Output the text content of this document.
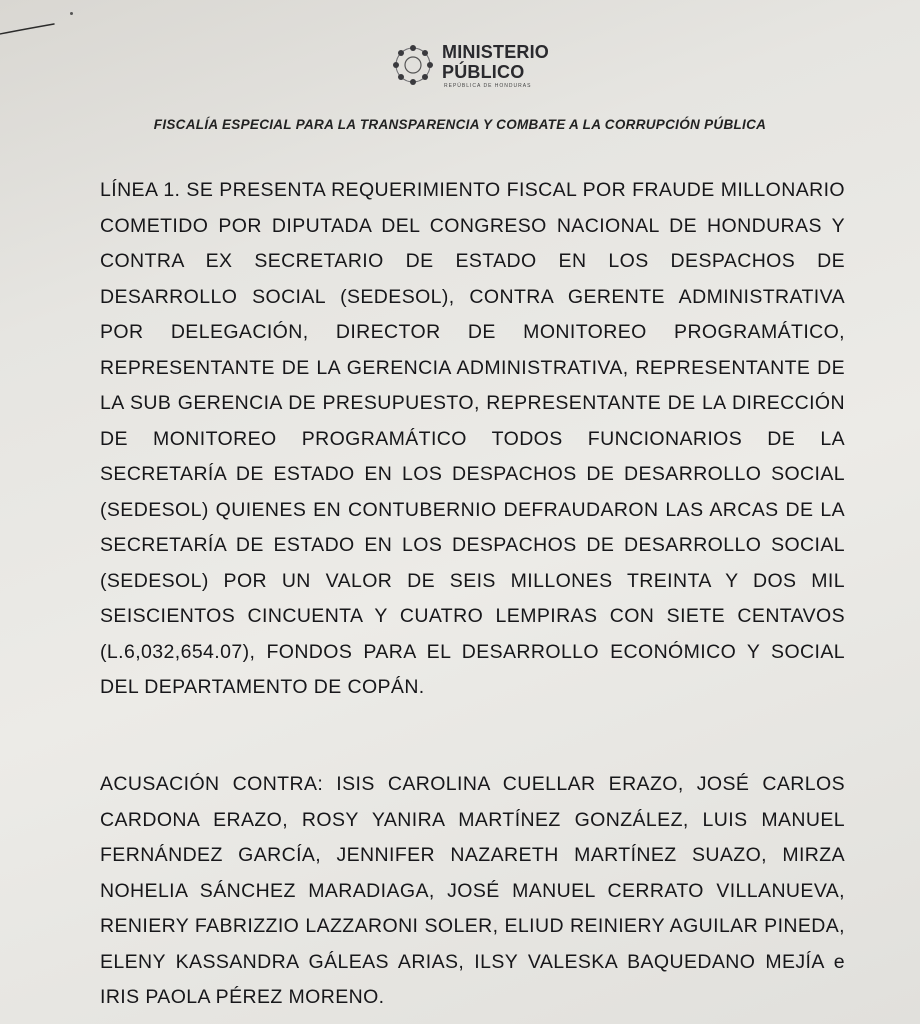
MINISTERIO
PÚBLICO
REPÚBLICA DE HONDURAS
FISCALÍA ESPECIAL PARA LA TRANSPARENCIA Y COMBATE A LA CORRUPCIÓN PÚBLICA
LÍNEA 1. SE PRESENTA REQUERIMIENTO FISCAL POR FRAUDE MILLONARIO COMETIDO POR DIPUTADA DEL CONGRESO NACIONAL DE HONDURAS Y CONTRA EX SECRETARIO DE ESTADO EN LOS DESPACHOS DE DESARROLLO SOCIAL (SEDESOL), CONTRA GERENTE ADMINISTRATIVA POR DELEGACIÓN, DIRECTOR DE MONITOREO PROGRAMÁTICO, REPRESENTANTE DE LA GERENCIA ADMINISTRATIVA, REPRESENTANTE DE LA SUB GERENCIA DE PRESUPUESTO, REPRESENTANTE DE LA DIRECCIÓN DE MONITOREO PROGRAMÁTICO TODOS FUNCIONARIOS DE LA SECRETARÍA DE ESTADO EN LOS DESPACHOS DE DESARROLLO SOCIAL (SEDESOL) QUIENES EN CONTUBERNIO DEFRAUDARON LAS ARCAS DE LA SECRETARÍA DE ESTADO EN LOS DESPACHOS DE DESARROLLO SOCIAL (SEDESOL) POR UN VALOR DE SEIS MILLONES TREINTA Y DOS MIL SEISCIENTOS CINCUENTA Y CUATRO LEMPIRAS CON SIETE CENTAVOS (L.6,032,654.07), FONDOS PARA EL DESARROLLO ECONÓMICO Y SOCIAL DEL DEPARTAMENTO DE COPÁN.
ACUSACIÓN CONTRA: ISIS CAROLINA CUELLAR ERAZO, JOSÉ CARLOS CARDONA ERAZO, ROSY YANIRA MARTÍNEZ GONZÁLEZ, LUIS MANUEL FERNÁNDEZ GARCÍA, JENNIFER NAZARETH MARTÍNEZ SUAZO, MIRZA NOHELIA SÁNCHEZ MARADIAGA, JOSÉ MANUEL CERRATO VILLANUEVA, RENIERY FABRIZZIO LAZZARONI SOLER, ELIUD REINIERY AGUILAR PINEDA, ELENY KASSANDRA GÁLEAS ARIAS, ILSY VALESKA BAQUEDANO MEJÍA e IRIS PAOLA PÉREZ MORENO.
